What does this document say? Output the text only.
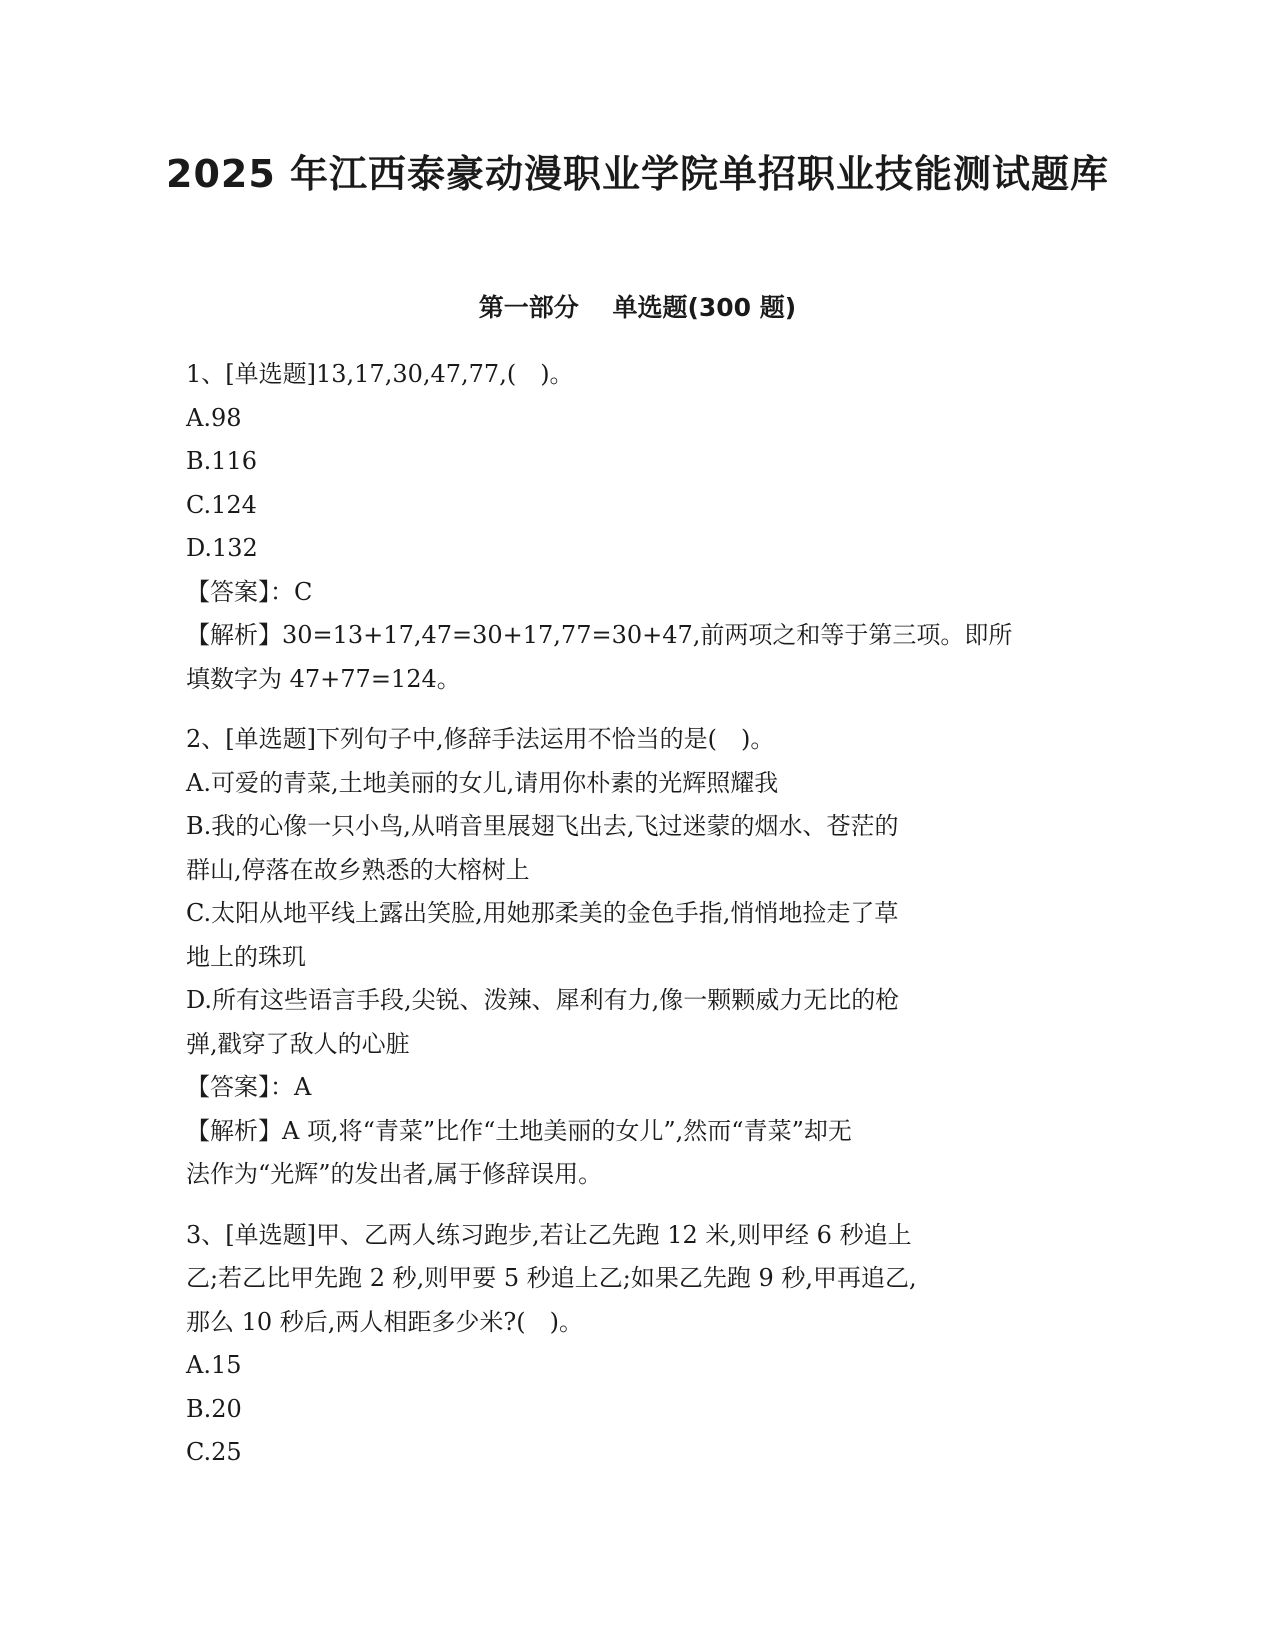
2025 年江西泰豪动漫职业学院单招职业技能测试题库
第一部分　 单选题(300 题)
1、[单选题]13,17,30,47,77,(　)。
A.98
B.116
C.124
D.132
【答案】：C
【解析】30=13+17,47=30+17,77=30+47,前两项之和等于第三项。即所
填数字为 47+77=124。
2、[单选题]下列句子中,修辞手法运用不恰当的是(　)。
A.可爱的青菜,土地美丽的女儿,请用你朴素的光辉照耀我
B.我的心像一只小鸟,从哨音里展翅飞出去,飞过迷蒙的烟水、苍茫的
群山,停落在故乡熟悉的大榕树上
C.太阳从地平线上露出笑脸,用她那柔美的金色手指,悄悄地捡走了草
地上的珠玑
D.所有这些语言手段,尖锐、泼辣、犀利有力,像一颗颗威力无比的枪
弹,戳穿了敌人的心脏
【答案】：A
【解析】A 项,将“青菜”比作“土地美丽的女儿”,然而“青菜”却无
法作为“光辉”的发出者,属于修辞误用。
3、[单选题]甲、乙两人练习跑步,若让乙先跑 12 米,则甲经 6 秒追上
乙;若乙比甲先跑 2 秒,则甲要 5 秒追上乙;如果乙先跑 9 秒,甲再追乙,
那么 10 秒后,两人相距多少米?(　)。
A.15
B.20
C.25
